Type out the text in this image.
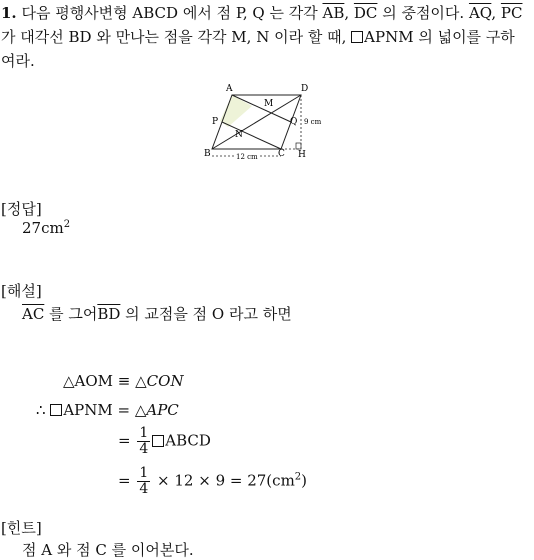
1. 다음 평행사변형 ABCD 에서 점 P, Q 는 각각 $\overline{AB}$, $\overline{DC}$ 의 중점이다. $\overline{AQ}$, $\overline{PC}$
가 대각선 BD 와 만나는 점을 각각 M, N 이라 할 때, APNM 의 넓이를 구하
여라.
A	D
M
P	Q 9 cm
N
B	C H
12 cm
[정답]
$27cm^2$
[해설]
$\overline{AC}$ 를 그어$\overline{BD}$ 의 교점을 점 O 라고 하면
△AOM ≡ △CON
∴ APNM = △APC
= $\frac{1}{4}$ ABCD
= $\frac{1}{4} \times 12 \times 9 = 27(cm^2)$
[힌트]
점 A 와 점 C 를 이어본다.
